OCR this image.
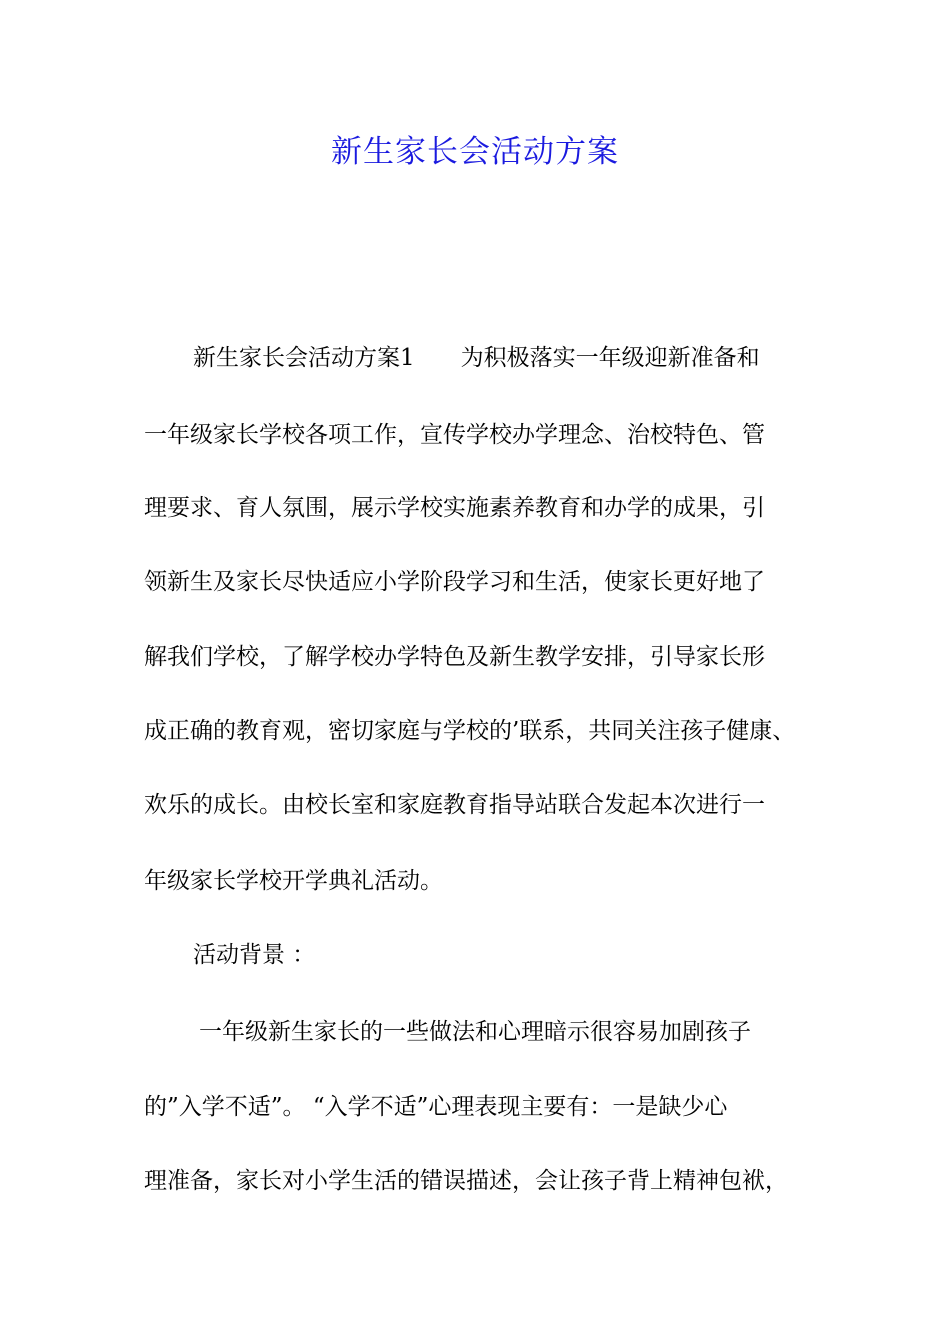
新生家长会活动方案

新生家长会活动方案1　　为积极落实一年级迎新准备和

一年级家长学校各项工作，宣传学校办学理念、治校特色、管

理要求、育人氛围，展示学校实施素养教育和办学的成果，引

领新生及家长尽快适应小学阶段学习和生活，使家长更好地了

解我们学校，了解学校办学特色及新生教学安排，引导家长形

成正确的教育观，密切家庭与学校的’联系，共同关注孩子健康、

欢乐的成长。由校长室和家庭教育指导站联合发起本次进行一

年级家长学校开学典礼活动。

活动背景 ：

一年级新生家长的一些做法和心理暗示很容易加剧孩子

的”入学不适”。 “入学不适”心理表现主要有：一是缺少心

理准备，家长对小学生活的错误描述，会让孩子背上精神包袱，
